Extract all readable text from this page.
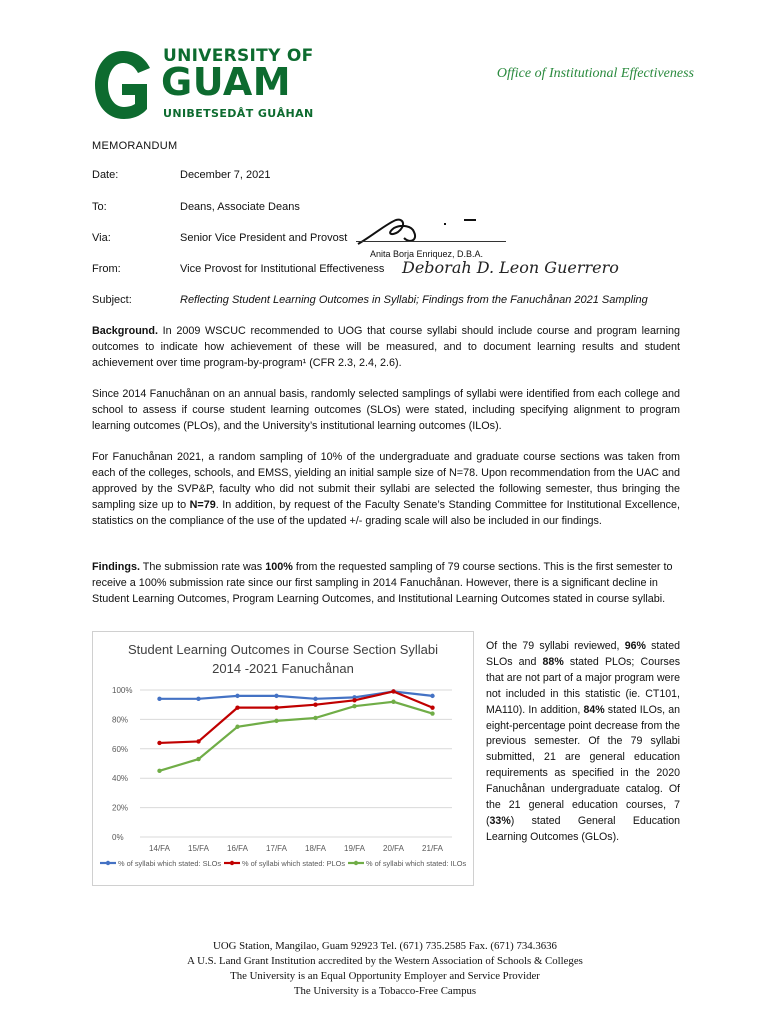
UNIVERSITY OF
GUAM
UNIBETSEDÅT GUÅHAN
Office of Institutional Effectiveness
MEMORANDUM
Date:	December 7, 2021
To:	Deans, Associate Deans
Via:	Senior Vice President and Provost
Anita Borja Enriquez, D.B.A.
From:	Vice Provost for Institutional Effectiveness Deborah D. Leon Guerrero
Subject:	Reflecting Student Learning Outcomes in Syllabi; Findings from the Fanuchånan 2021 Sampling

Background. In 2009 WSCUC recommended to UOG that course syllabi should include course and program learning outcomes to indicate how achievement of these will be measured, and to document learning results and student achievement over time program-by-program¹ (CFR 2.3, 2.4, 2.6).

Since 2014 Fanuchånan on an annual basis, randomly selected samplings of syllabi were identified from each college and school to assess if course student learning outcomes (SLOs) were stated, including specifying alignment to program learning outcomes (PLOs), and the University’s institutional learning outcomes (ILOs).

For Fanuchånan 2021, a random sampling of 10% of the undergraduate and graduate course sections was taken from each of the colleges, schools, and EMSS, yielding an initial sample size of N=78. Upon recommendation from the UAC and approved by the SVP&P, faculty who did not submit their syllabi are selected the following semester, thus bringing the sampling size up to N=79. In addition, by request of the Faculty Senate’s Standing Committee for Institutional Excellence, statistics on the compliance of the use of the updated +/- grading scale will also be included in our findings.

Findings. The submission rate was 100% from the requested sampling of 79 course sections. This is the first semester to receive a 100% submission rate since our first sampling in 2014 Fanuchånan. However, there is a significant decline in Student Learning Outcomes, Program Learning Outcomes, and Institutional Learning Outcomes stated in course syllabi.

Student Learning Outcomes in Course Section Syllabi
2014 -2021 Fanuchånan
0%
20%
40%
60%
80%
100%
14/FA 15/FA 16/FA 17/FA 18/FA 19/FA 20/FA 21/FA
% of syllabi which stated: SLOs	% of syllabi which stated: PLOs	% of syllabi which stated: ILOs

Of the 79 syllabi reviewed, 96% stated SLOs and 88% stated PLOs; Courses that are not part of a major program were not included in this statistic (ie. CT101, MA110). In addition, 84% stated ILOs, an eight-percentage point decrease from the previous semester. Of the 79 syllabi submitted, 21 are general education requirements as specified in the 2020 Fanuchånan undergraduate catalog. Of the 21 general education courses, 7 (33%) stated General Education Learning Outcomes (GLOs).

UOG Station, Mangilao, Guam 92923 Tel. (671) 735.2585 Fax. (671) 734.3636
A U.S. Land Grant Institution accredited by the Western Association of Schools & Colleges
The University is an Equal Opportunity Employer and Service Provider
The University is a Tobacco-Free Campus
